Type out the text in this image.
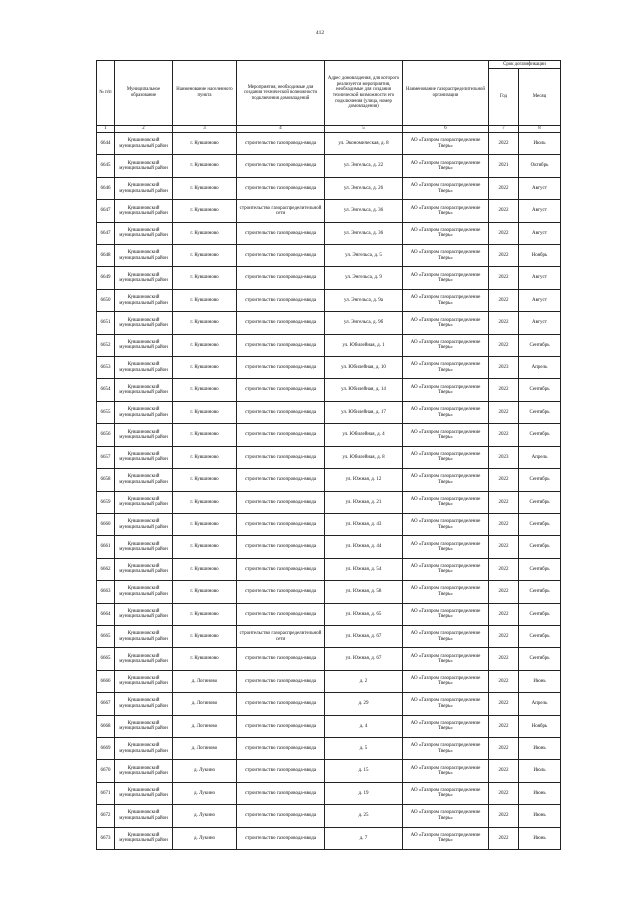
412
№ п/п	Муниципальное образование	Наименование населенного пункта	Мероприятия, необходимые для создания технической возможности подключения домовладений	Адрес домовладения, для которого реализуется мероприятия, необходимые для создания технической возможности его подключения (улица, номер домовладения)	Наименование газораспределительной организации	Срок догазификации	
						Год	Месяц
1	2	3	4	5	6	7	8
6644	Кувшиновский муниципальный район	г. Кувшиново	строительство газопровода-ввода	ул. Экономическая, д. 8	АО «Газпром газораспределение Тверь»	2022	Июль
6645	Кувшиновский муниципальный район	г. Кувшиново	строительство газопровода-ввода	ул. Энгельса, д. 22	АО «Газпром газораспределение Тверь»	2021	Октябрь
6646	Кувшиновский муниципальный район	г. Кувшиново	строительство газопровода-ввода	ул. Энгельса, д. 26	АО «Газпром газораспределение Тверь»	2022	Август
6647	Кувшиновский муниципальный район	г. Кувшиново	строительство газораспределительной сети	ул. Энгельса, д. 36	АО «Газпром газораспределение Тверь»	2022	Август
6647	Кувшиновский муниципальный район	г. Кувшиново	строительство газопровода-ввода	ул. Энгельса, д. 36	АО «Газпром газораспределение Тверь»	2022	Август
6648	Кувшиновский муниципальный район	г. Кувшиново	строительство газопровода-ввода	ул. Энгельса, д. 5	АО «Газпром газораспределение Тверь»	2022	Ноябрь
6649	Кувшиновский муниципальный район	г. Кувшиново	строительство газопровода-ввода	ул. Энгельса, д. 9	АО «Газпром газораспределение Тверь»	2022	Август
6650	Кувшиновский муниципальный район	г. Кувшиново	строительство газопровода-ввода	ул. Энгельса, д. 9а	АО «Газпром газораспределение Тверь»	2022	Август
6651	Кувшиновский муниципальный район	г. Кувшиново	строительство газопровода-ввода	ул. Энгельса, д. 9б	АО «Газпром газораспределение Тверь»	2022	Август
6652	Кувшиновский муниципальный район	г. Кувшиново	строительство газопровода-ввода	ул. Юбилейная, д. 1	АО «Газпром газораспределение Тверь»	2022	Сентябрь
6653	Кувшиновский муниципальный район	г. Кувшиново	строительство газопровода-ввода	ул. Юбилейная, д. 10	АО «Газпром газораспределение Тверь»	2023	Апрель
6654	Кувшиновский муниципальный район	г. Кувшиново	строительство газопровода-ввода	ул. Юбилейная, д. 14	АО «Газпром газораспределение Тверь»	2022	Сентябрь
6655	Кувшиновский муниципальный район	г. Кувшиново	строительство газопровода-ввода	ул. Юбилейная, д. 17	АО «Газпром газораспределение Тверь»	2022	Сентябрь
6656	Кувшиновский муниципальный район	г. Кувшиново	строительство газопровода-ввода	ул. Юбилейная, д. 4	АО «Газпром газораспределение Тверь»	2022	Сентябрь
6657	Кувшиновский муниципальный район	г. Кувшиново	строительство газопровода-ввода	ул. Юбилейная, д. 8	АО «Газпром газораспределение Тверь»	2023	Апрель
6658	Кувшиновский муниципальный район	г. Кувшиново	строительство газопровода-ввода	ул. Южная, д. 12	АО «Газпром газораспределение Тверь»	2022	Сентябрь
6659	Кувшиновский муниципальный район	г. Кувшиново	строительство газопровода-ввода	ул. Южная, д. 21	АО «Газпром газораспределение Тверь»	2022	Сентябрь
6660	Кувшиновский муниципальный район	г. Кувшиново	строительство газопровода-ввода	ул. Южная, д. 43	АО «Газпром газораспределение Тверь»	2022	Сентябрь
6661	Кувшиновский муниципальный район	г. Кувшиново	строительство газопровода-ввода	ул. Южная, д. 44	АО «Газпром газораспределение Тверь»	2022	Сентябрь
6662	Кувшиновский муниципальный район	г. Кувшиново	строительство газопровода-ввода	ул. Южная, д. 54	АО «Газпром газораспределение Тверь»	2022	Сентябрь
6663	Кувшиновский муниципальный район	г. Кувшиново	строительство газопровода-ввода	ул. Южная, д. 58	АО «Газпром газораспределение Тверь»	2022	Сентябрь
6664	Кувшиновский муниципальный район	г. Кувшиново	строительство газопровода-ввода	ул. Южная, д. 65	АО «Газпром газораспределение Тверь»	2022	Сентябрь
6665	Кувшиновский муниципальный район	г. Кувшиново	строительство газораспределительной сети	ул. Южная, д. 67	АО «Газпром газораспределение Тверь»	2022	Сентябрь
6665	Кувшиновский муниципальный район	г. Кувшиново	строительство газопровода-ввода	ул. Южная, д. 67	АО «Газпром газораспределение Тверь»	2022	Сентябрь
6666	Кувшиновский муниципальный район	д. Логиново	строительство газопровода-ввода	д. 2	АО «Газпром газораспределение Тверь»	2022	Июнь
6667	Кувшиновский муниципальный район	д. Логиново	строительство газопровода-ввода	д. 29	АО «Газпром газораспределение Тверь»	2022	Апрель
6668	Кувшиновский муниципальный район	д. Логиново	строительство газопровода-ввода	д. 4	АО «Газпром газораспределение Тверь»	2022	Ноябрь
6669	Кувшиновский муниципальный район	д. Логиново	строительство газопровода-ввода	д. 5	АО «Газпром газораспределение Тверь»	2022	Июнь
6670	Кувшиновский муниципальный район	д. Лукино	строительство газопровода-ввода	д. 15	АО «Газпром газораспределение Тверь»	2022	Июль
6671	Кувшиновский муниципальный район	д. Лукино	строительство газопровода-ввода	д. 19	АО «Газпром газораспределение Тверь»	2022	Июнь
6672	Кувшиновский муниципальный район	д. Лукино	строительство газопровода-ввода	д. 25	АО «Газпром газораспределение Тверь»	2022	Июнь
6673	Кувшиновский муниципальный район	д. Лукино	строительство газопровода-ввода	д. 7	АО «Газпром газораспределение Тверь»	2022	Июнь
